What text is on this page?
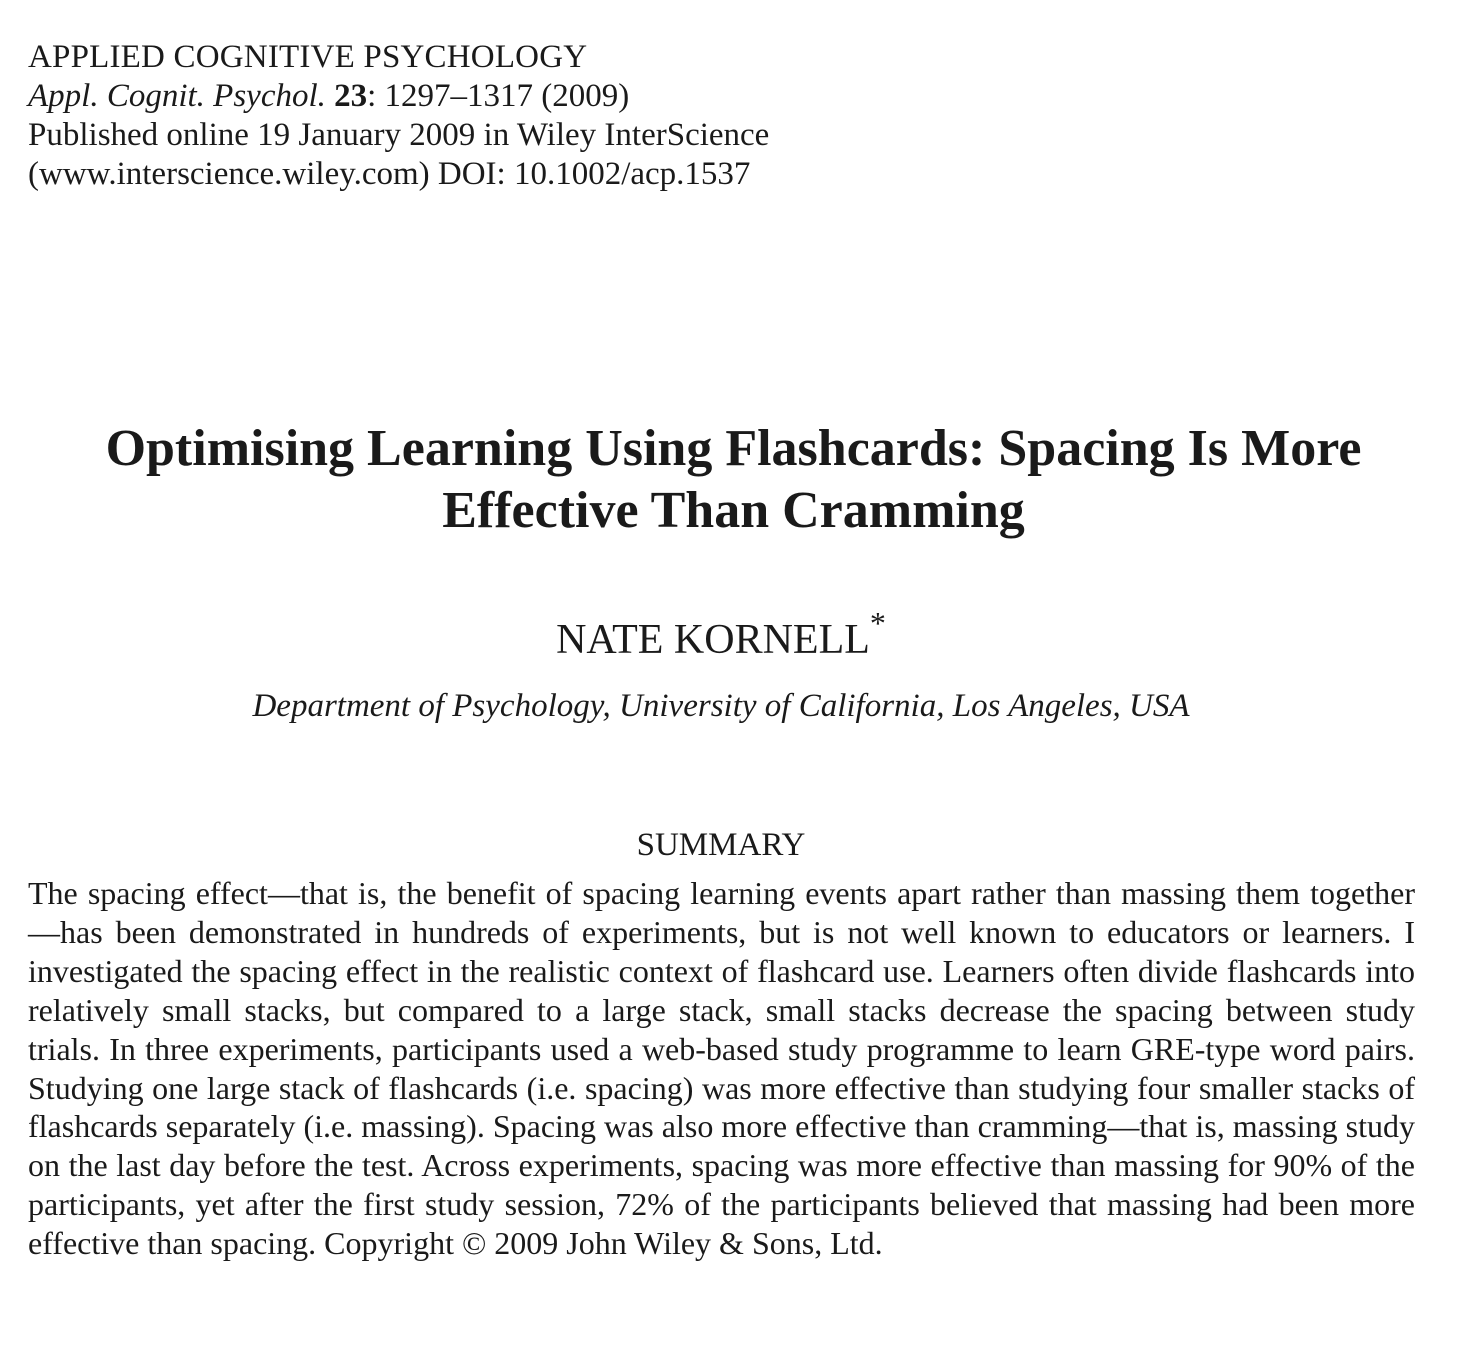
APPLIED COGNITIVE PSYCHOLOGY
Appl. Cognit. Psychol. 23: 1297–1317 (2009)
Published online 19 January 2009 in Wiley InterScience
(www.interscience.wiley.com) DOI: 10.1002/acp.1537
Optimising Learning Using Flashcards: Spacing Is More
Effective Than Cramming
NATE KORNELL*
Department of Psychology, University of California, Los Angeles, USA
SUMMARY

The spacing effect—that is, the benefit of spacing learning events apart rather than massing them together—has been demonstrated in hundreds of experiments, but is not well known to educators or learners. I investigated the spacing effect in the realistic context of flashcard use. Learners often divide flashcards into relatively small stacks, but compared to a large stack, small stacks decrease the spacing between study trials. In three experiments, participants used a web-based study programme to learn GRE-type word pairs. Studying one large stack of flashcards (i.e. spacing) was more effective than studying four smaller stacks of flashcards separately (i.e. massing). Spacing was also more effective than cramming—that is, massing study on the last day before the test. Across experiments, spacing was more effective than massing for 90% of the participants, yet after the first study session, 72% of the participants believed that massing had been more effective than spacing. Copyright © 2009 John Wiley & Sons, Ltd.
